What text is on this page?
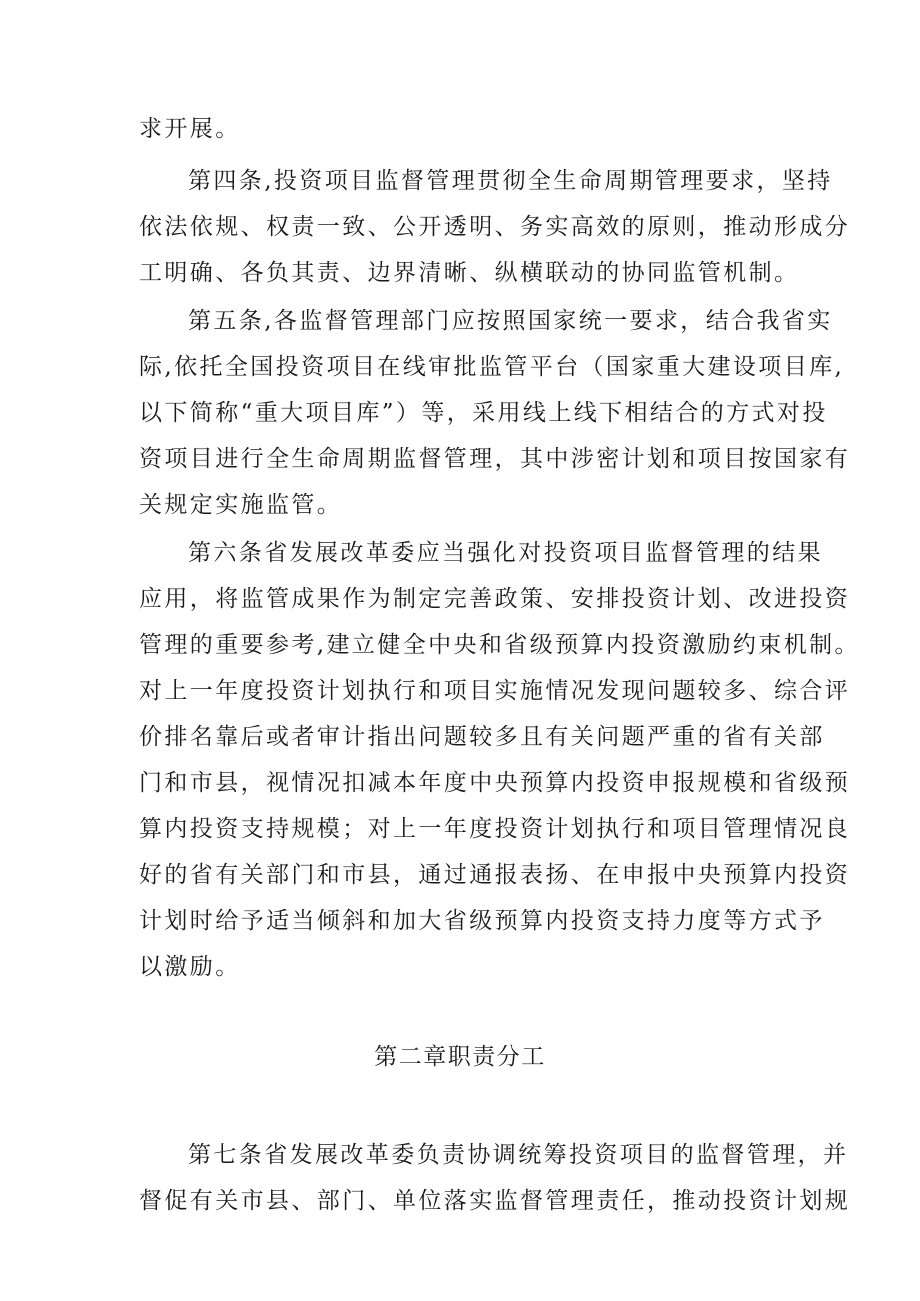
求开展。
第四条,投资项目监督管理贯彻全生命周期管理要求，坚持
依法依规、权责一致、公开透明、务实高效的原则，推动形成分
工明确、各负其责、边界清晰、纵横联动的协同监管机制。
第五条,各监督管理部门应按照国家统一要求，结合我省实
际,依托全国投资项目在线审批监管平台（国家重大建设项目库,
以下简称“重大项目库”）等，采用线上线下相结合的方式对投
资项目进行全生命周期监督管理，其中涉密计划和项目按国家有
关规定实施监管。
第六条省发展改革委应当强化对投资项目监督管理的结果
应用，将监管成果作为制定完善政策、安排投资计划、改进投资
管理的重要参考,建立健全中央和省级预算内投资激励约束机制。
对上一年度投资计划执行和项目实施情况发现问题较多、综合评
价排名靠后或者审计指出问题较多且有关问题严重的省有关部
门和市县，视情况扣减本年度中央预算内投资申报规模和省级预
算内投资支持规模；对上一年度投资计划执行和项目管理情况良
好的省有关部门和市县，通过通报表扬、在申报中央预算内投资
计划时给予适当倾斜和加大省级预算内投资支持力度等方式予
以激励。
第二章职责分工
第七条省发展改革委负责协调统筹投资项目的监督管理，并
督促有关市县、部门、单位落实监督管理责任，推动投资计划规
